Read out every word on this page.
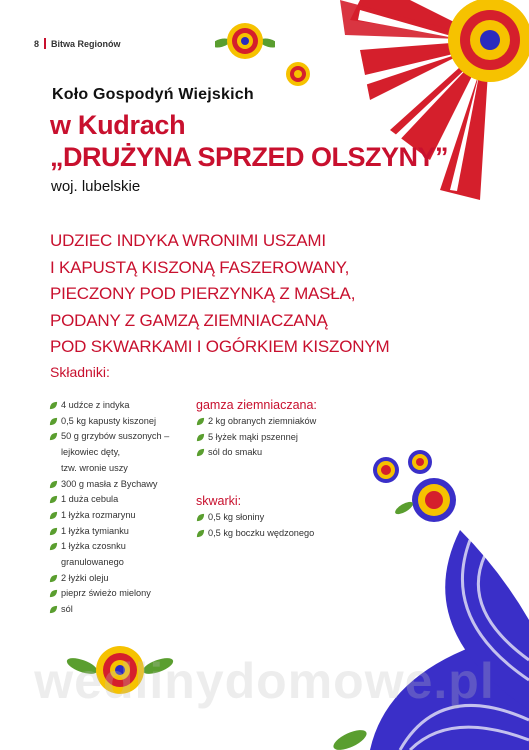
8 Bitwa Regionów
Koło Gospodyń Wiejskich
w Kudrach
„DRUŻYNA SPRZED OLSZYNY”
woj. lubelskie
UDZIEC INDYKA WRONIMI USZAMI
I KAPUSTĄ KISZONĄ FASZEROWANY,
PIECZONY POD PIERZYNKĄ Z MASŁA,
PODANY Z GAMZĄ ZIEMNIACZANĄ
POD SKWARKAMI I OGÓRKIEM KISZONYM
Składniki:
4 udźce z indyka
0,5 kg kapusty kiszonej
50 g grzybów suszonych –
lejkowiec dęty,
tzw. wronie uszy
300 g masła z Bychawy
1 duża cebula
1 łyżka rozmarynu
1 łyżka tymianku
1 łyżka czosnku
granulowanego
2 łyżki oleju
pieprz świeżo mielony
sól
gamza ziemniaczana:
2 kg obranych ziemniaków
5 łyżek mąki pszennej
sól do smaku
skwarki:
0,5 kg słoniny
0,5 kg boczku wędzonego
wedlinydomowe.pl
